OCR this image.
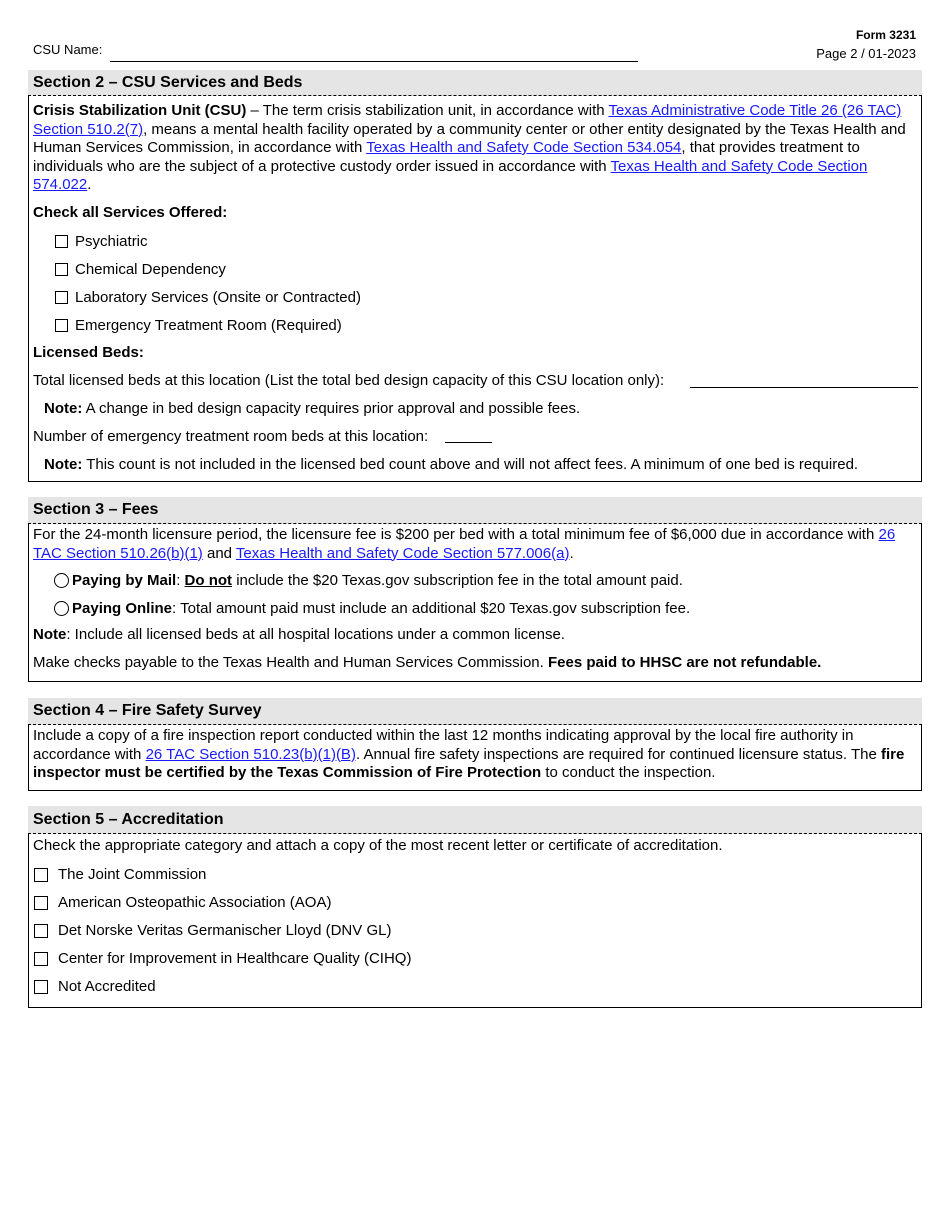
Form 3231
Page 2 / 01-2023
CSU Name:
Section 2 – CSU Services and Beds
Crisis Stabilization Unit (CSU) – The term crisis stabilization unit, in accordance with Texas Administrative Code Title 26 (26 TAC) Section 510.2(7), means a mental health facility operated by a community center or other entity designated by the Texas Health and Human Services Commission, in accordance with Texas Health and Safety Code Section 534.054, that provides treatment to individuals who are the subject of a protective custody order issued in accordance with Texas Health and Safety Code Section 574.022.
Check all Services Offered:
Psychiatric
Chemical Dependency
Laboratory Services (Onsite or Contracted)
Emergency Treatment Room (Required)
Licensed Beds:
Total licensed beds at this location (List the total bed design capacity of this CSU location only):
Note: A change in bed design capacity requires prior approval and possible fees.
Number of emergency treatment room beds at this location:
Note: This count is not included in the licensed bed count above and will not affect fees. A minimum of one bed is required.
Section 3 – Fees
For the 24-month licensure period, the licensure fee is $200 per bed with a total minimum fee of $6,000 due in accordance with 26 TAC Section 510.26(b)(1) and Texas Health and Safety Code Section 577.006(a).
Paying by Mail: Do not include the $20 Texas.gov subscription fee in the total amount paid.
Paying Online: Total amount paid must include an additional $20 Texas.gov subscription fee.
Note: Include all licensed beds at all hospital locations under a common license.
Make checks payable to the Texas Health and Human Services Commission. Fees paid to HHSC are not refundable.
Section 4 – Fire Safety Survey
Include a copy of a fire inspection report conducted within the last 12 months indicating approval by the local fire authority in accordance with 26 TAC Section 510.23(b)(1)(B). Annual fire safety inspections are required for continued licensure status. The fire inspector must be certified by the Texas Commission of Fire Protection to conduct the inspection.
Section 5 – Accreditation
Check the appropriate category and attach a copy of the most recent letter or certificate of accreditation.
The Joint Commission
American Osteopathic Association (AOA)
Det Norske Veritas Germanischer Lloyd (DNV GL)
Center for Improvement in Healthcare Quality (CIHQ)
Not Accredited
